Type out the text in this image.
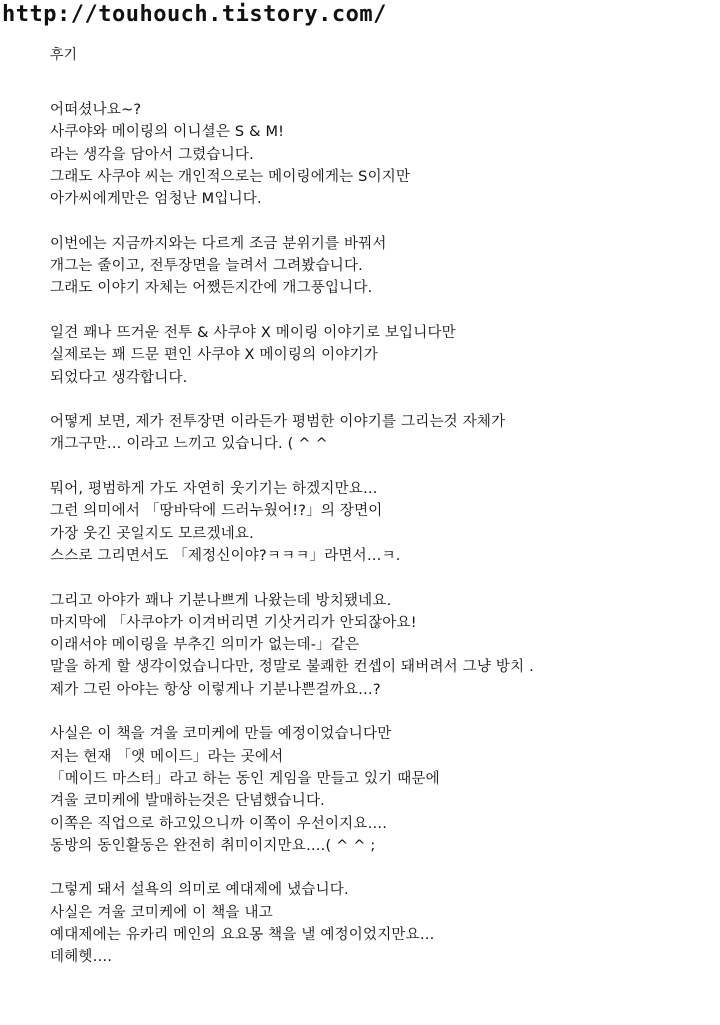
http://touhouch.tistory.com/
후기
어떠셨나요~?
사쿠야와 메이링의 이니셜은 S & M!
라는 생각을 담아서 그렸습니다.
그래도 사쿠야 씨는 개인적으로는 메이링에게는 S이지만
아가씨에게만은 엄청난 M입니다.
이번에는 지금까지와는 다르게 조금 분위기를 바꿔서
개그는 줄이고, 전투장면을 늘려서 그려봤습니다.
그래도 이야기 자체는 어쨌든지간에 개그풍입니다.
일견 꽤나 뜨거운 전투 & 사쿠야 X 메이링 이야기로 보입니다만
실제로는 꽤 드문 편인 사쿠야 X 메이링의 이야기가
되었다고 생각합니다.
어떻게 보면, 제가 전투장면 이라든가 평범한 이야기를 그리는것 자체가
개그구만… 이라고 느끼고 있습니다. ( ^ ^
뭐어, 평범하게 가도 자연히 웃기기는 하겠지만요…
그런 의미에서 「땅바닥에 드러누웠어!?」의 장면이
가장 웃긴 곳일지도 모르겠네요.
스스로 그리면서도 「제정신이야?ㅋㅋㅋ」라면서…ㅋ.
그리고 아야가 꽤나 기분나쁘게 나왔는데 방치됐네요.
마지막에 「사쿠야가 이겨버리면 기삿거리가 안되잖아요!
이래서야 메이링을 부추긴 의미가 없는데-」같은
말을 하게 할 생각이었습니다만, 정말로 불쾌한 컨셉이 돼버려서 그냥 방치 .
제가 그린 아야는 항상 이렇게나 기분나쁜걸까요…?
사실은 이 책을 겨울 코미케에 만들 예정이었습니다만
저는 현재 「앳 메이드」라는 곳에서
「메이드 마스터」라고 하는 동인 게임을 만들고 있기 때문에
겨울 코미케에 발매하는것은 단념했습니다.
이쪽은 직업으로 하고있으니까 이쪽이 우선이지요….
동방의 동인활동은 완전히 취미이지만요….( ^ ^ ;
그렇게 돼서 설욕의 의미로 예대제에 냈습니다.
사실은 겨울 코미케에 이 책을 내고
예대제에는 유카리 메인의 요요몽 책을 낼 예정이었지만요…
데헤헷….
